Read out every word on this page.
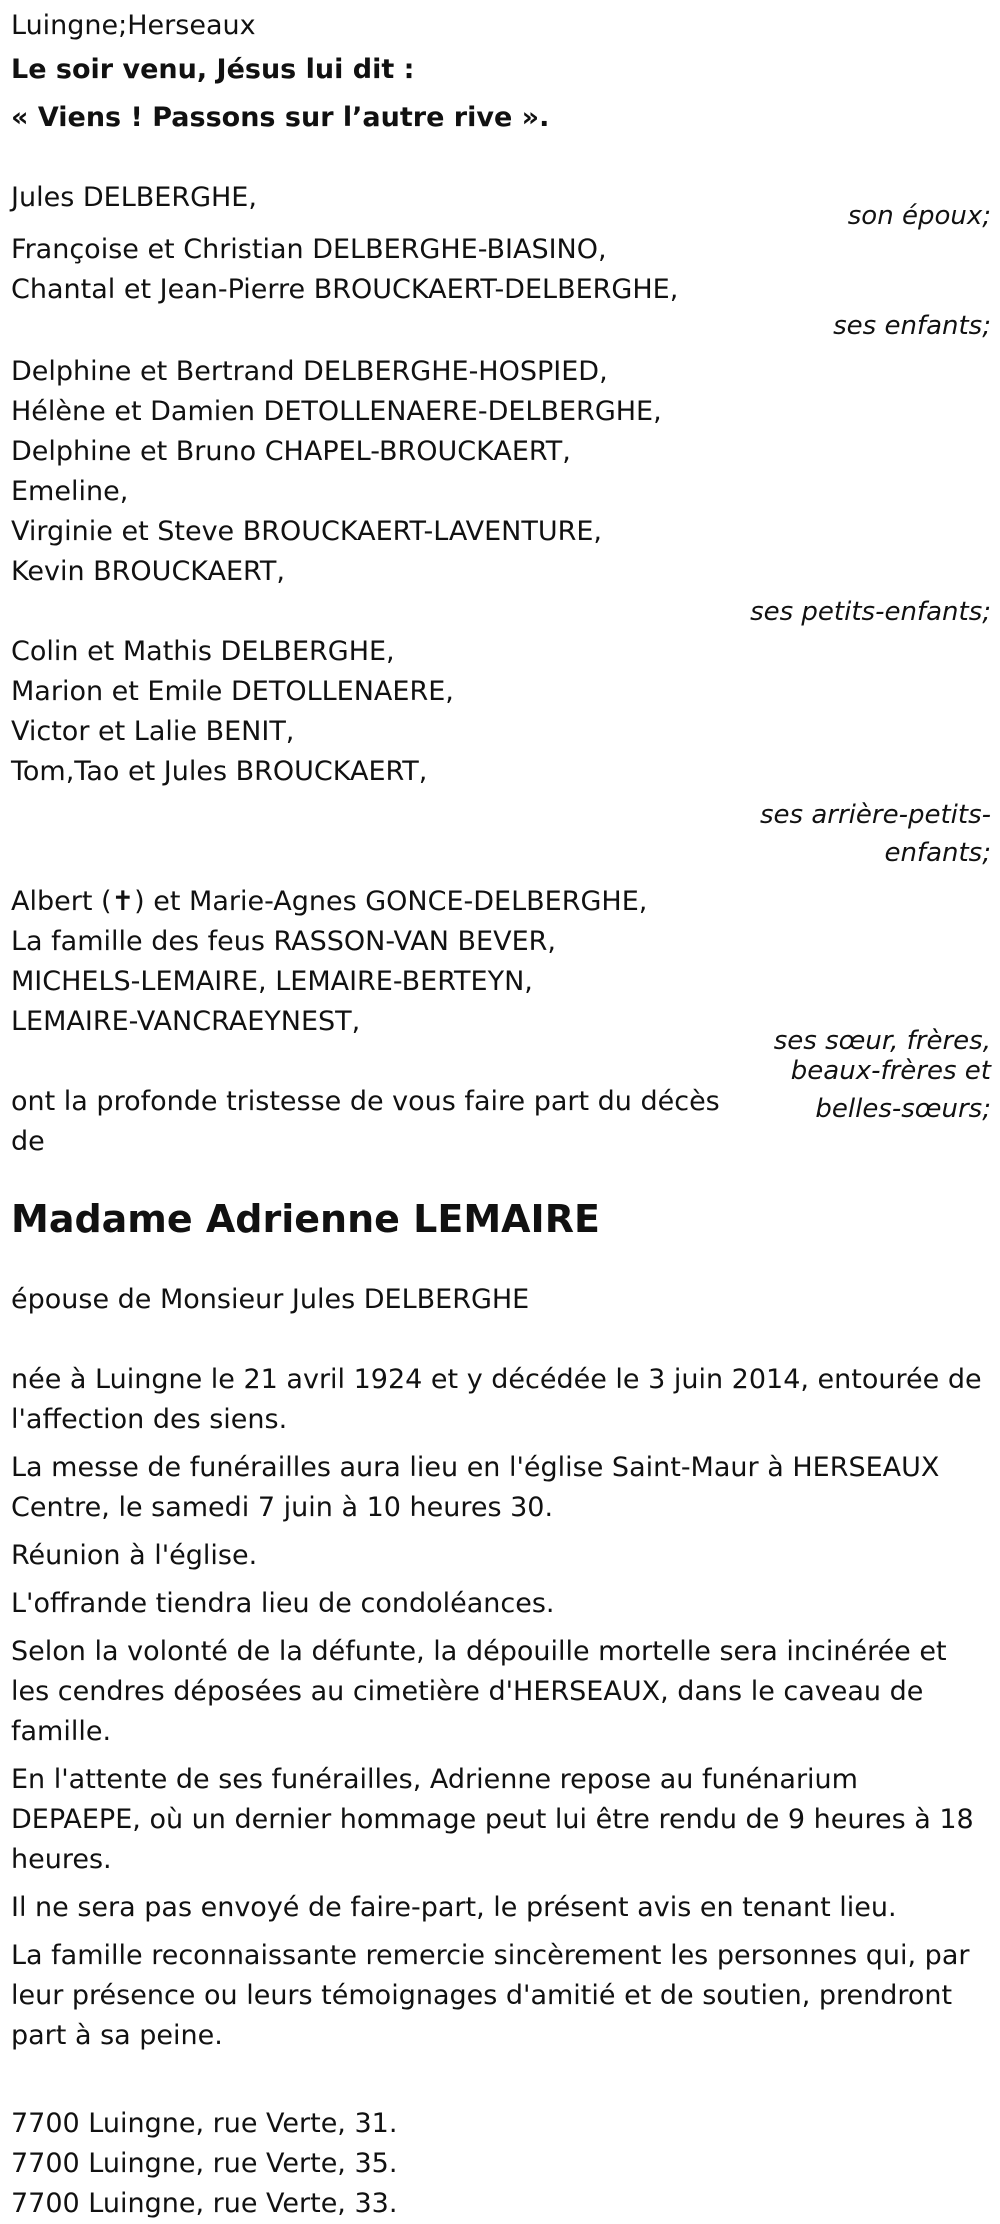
Luingne;Herseaux
Le soir venu, Jésus lui dit :
« Viens ! Passons sur l’autre rive ».
Jules DELBERGHE,
son époux;
Françoise et Christian DELBERGHE-BIASINO,
Chantal et Jean-Pierre BROUCKAERT-DELBERGHE,
ses enfants;
Delphine et Bertrand DELBERGHE-HOSPIED,
Hélène et Damien DETOLLENAERE-DELBERGHE,
Delphine et Bruno CHAPEL-BROUCKAERT,
Emeline,
Virginie et Steve BROUCKAERT-LAVENTURE,
Kevin BROUCKAERT,
ses petits-enfants;
Colin et Mathis DELBERGHE,
Marion et Emile DETOLLENAERE,
Victor et Lalie BENIT,
Tom,Tao et Jules BROUCKAERT,
ses arrière-petits-
enfants;
Albert (✝) et Marie-Agnes GONCE-DELBERGHE,
La famille des feus RASSON-VAN BEVER,
MICHELS-LEMAIRE, LEMAIRE-BERTEYN,
LEMAIRE-VANCRAEYNEST,
ses sœur, frères,
beaux-frères et
belles-sœurs;
ont la profonde tristesse de vous faire part du décès de
Madame Adrienne LEMAIRE
épouse de Monsieur Jules DELBERGHE

née à Luingne le 21 avril 1924 et y décédée le 3 juin 2014, entourée de l'affection des siens.

La messe de funérailles aura lieu en l'église Saint-Maur à HERSEAUX Centre, le samedi 7 juin à 10 heures 30.

Réunion à l'église.

L'offrande tiendra lieu de condoléances.

Selon la volonté de la défunte, la dépouille mortelle sera incinérée et les cendres déposées au cimetière d'HERSEAUX, dans le caveau de famille.

En l'attente de ses funérailles, Adrienne repose au funénarium DEPAEPE, où un dernier hommage peut lui être rendu de 9 heures à 18 heures.

Il ne sera pas envoyé de faire-part, le présent avis en tenant lieu.

La famille reconnaissante remercie sincèrement les personnes qui, par leur présence ou leurs témoignages d'amitié et de soutien, prendront part à sa peine.

7700 Luingne, rue Verte, 31.
7700 Luingne, rue Verte, 35.
7700 Luingne, rue Verte, 33.
